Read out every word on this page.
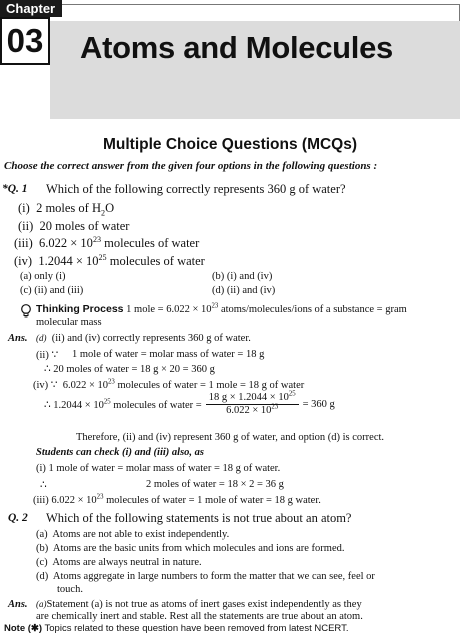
Chapter
03 Atoms and Molecules
Multiple Choice Questions (MCQs)
Choose the correct answer from the given four options in the following questions :
*Q. 1 Which of the following correctly represents 360 g of water?
(i) 2 moles of $H_2O$
(ii) 20 moles of water
(iii) $6.022 \times 10^{23}$ molecules of water
(iv) $1.2044 \times 10^{25}$ molecules of water
(a) only (i)	(b) (i) and (iv)
(c) (ii) and (iii)	(d) (ii) and (iv)
Thinking Process 1 mole = $6.022 \times 10^{23}$ atoms/molecules/ions of a substance = gram
molecular mass
Ans. (d) (ii) and (iv) correctly represents 360 g of water.
(ii) ∵ 1 mole of water = molar mass of water = 18 g
∴ 20 moles of water = 18 g × 20 = 360 g
(iv) ∵ $6.022 \times 10^{23}$ molecules of water = 1 mole = 18 g of water
∴ $1.2044 \times 10^{25}$ molecules of water = $\frac{18 g \times 1.2044 \times 10^{25}}{6.022 \times 10^{23}} = 360$ g
Therefore, (ii) and (iv) represent 360 g of water, and option (d) is correct.
Students can check (i) and (iii) also, as
(i) 1 mole of water = molar mass of water = 18 g of water.
∴	2 moles of water = 18 × 2 = 36 g
(iii) $6.022 \times 10^{23}$ molecules of water = 1 mole of water = 18 g water.
Q. 2 Which of the following statements is not true about an atom?
(a) Atoms are not able to exist independently.
(b) Atoms are the basic units from which molecules and ions are formed.
(c) Atoms are always neutral in nature.
(d) Atoms aggregate in large numbers to form the matter that we can see, feel or
touch.
Ans. (a)Statement (a) is not true as atoms of inert gases exist independently as they
are chemically inert and stable. Rest all the statements are true about an atom.
Note (✱) Topics related to these question have been removed from latest NCERT.
